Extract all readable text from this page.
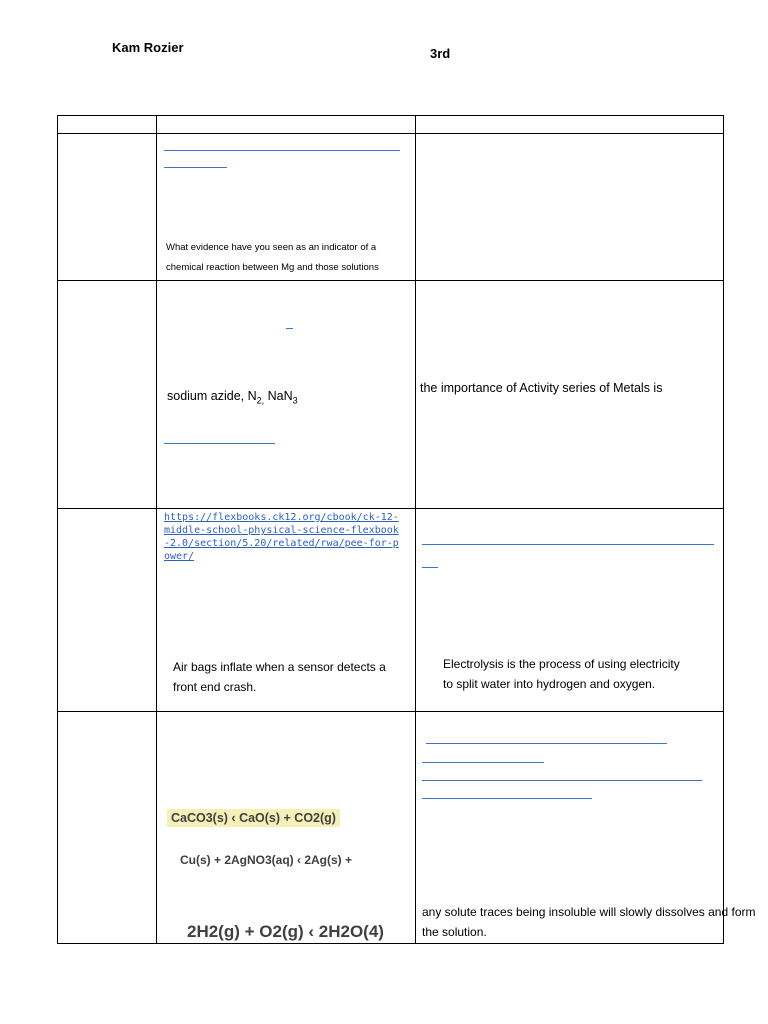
Kam Rozier	3rd
What evidence have you seen as an indicator of a chemical reaction between Mg and those solutions
sodium azide, $N_{2,}$ NaN$_3$
the importance of Activity series of Metals is
https://flexbooks.ck12.org/cbook/ck-12-middle-school-physical-science-flexbook-2.0/section/5.20/related/rwa/pee-for-power/
Air bags inflate when a sensor detects a front end crash.
Electrolysis is the process of using electricity to split water into hydrogen and oxygen.
CaCO3(s) ‹ CaO(s) + CO2(g)
Cu(s) + 2AgNO3(aq) ‹ 2Ag(s) +
2H2(g) + O2(g) ‹ 2H2O(4)
any solute traces being insoluble will slowly dissolves and form the solution.
